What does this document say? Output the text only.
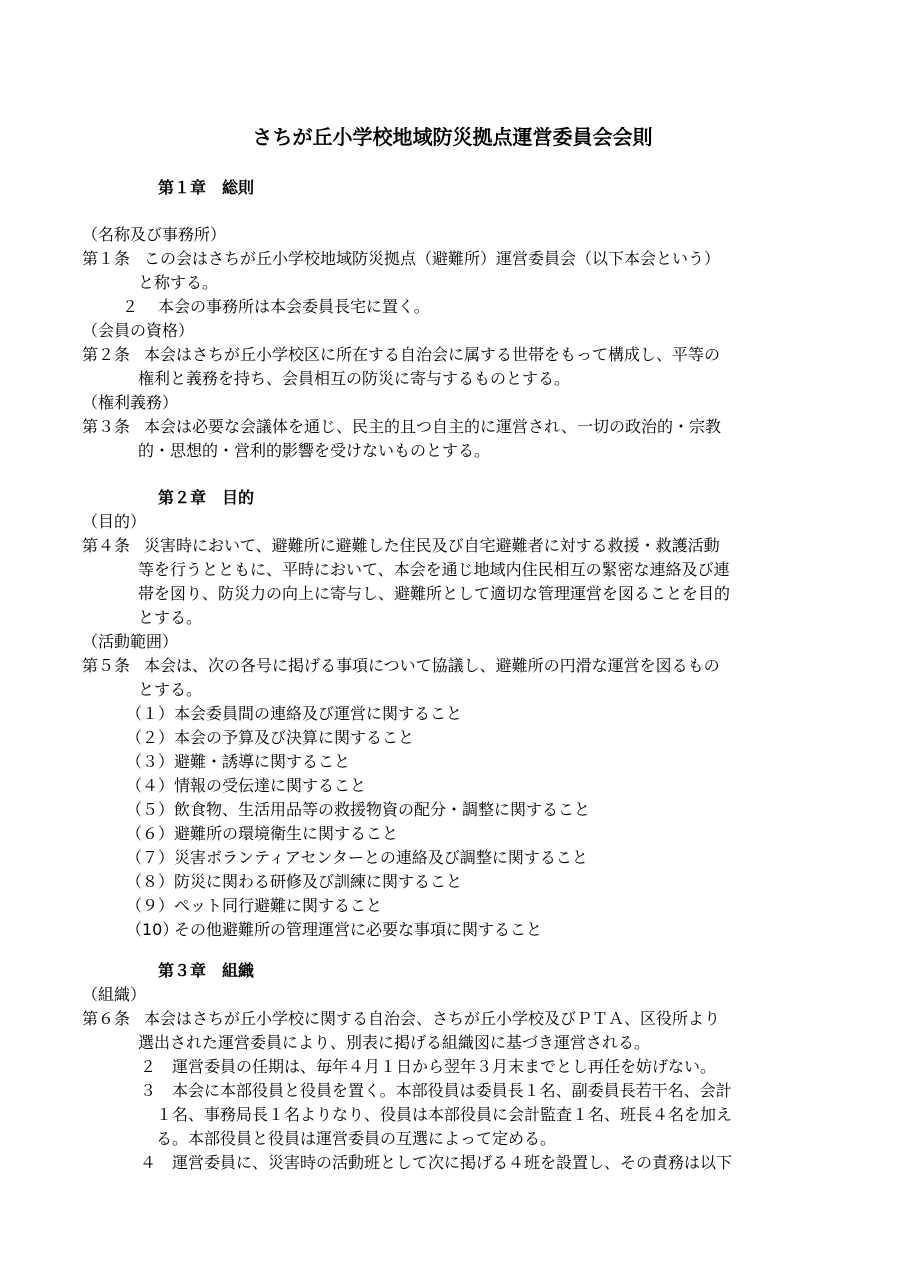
さちが丘小学校地域防災拠点運営委員会会則
第１章　総則
（名称及び事務所）
第１条 この会はさちが丘小学校地域防災拠点（避難所）運営委員会（以下本会という）
と称する。
２ 本会の事務所は本会委員長宅に置く。
（会員の資格）
第２条 本会はさちが丘小学校区に所在する自治会に属する世帯をもって構成し、平等の
権利と義務を持ち、会員相互の防災に寄与するものとする。
（権利義務）
第３条 本会は必要な会議体を通じ、民主的且つ自主的に運営され、一切の政治的・宗教
的・思想的・営利的影響を受けないものとする。
第２章　目的
（目的）
第４条 災害時において、避難所に避難した住民及び自宅避難者に対する救援・救護活動
等を行うとともに、平時において、本会を通じ地域内住民相互の緊密な連絡及び連
帯を図り、防災力の向上に寄与し、避難所として適切な管理運営を図ることを目的
とする。
（活動範囲）
第５条 本会は、次の各号に掲げる事項について協議し、避難所の円滑な運営を図るもの
とする。
（１）本会委員間の連絡及び運営に関すること
（２）本会の予算及び決算に関すること
（３）避難・誘導に関すること
（４）情報の受伝達に関すること
（５）飲食物、生活用品等の救援物資の配分・調整に関すること
（６）避難所の環境衛生に関すること
（７）災害ボランティアセンターとの連絡及び調整に関すること
（８）防災に関わる研修及び訓練に関すること
（９）ペット同行避難に関すること
（10）その他避難所の管理運営に必要な事項に関すること
第３章　組織
（組織）
第６条 本会はさちが丘小学校に関する自治会、さちが丘小学校及びＰＴＡ、区役所より
選出された運営委員により、別表に掲げる組織図に基づき運営される。
２ 運営委員の任期は、毎年４月１日から翌年３月末までとし再任を妨げない。
３ 本会に本部役員と役員を置く。本部役員は委員長１名、副委員長若干名、会計
１名、事務局長１名よりなり、役員は本部役員に会計監査１名、班長４名を加え
る。本部役員と役員は運営委員の互選によって定める。
４ 運営委員に、災害時の活動班として次に掲げる４班を設置し、その責務は以下
